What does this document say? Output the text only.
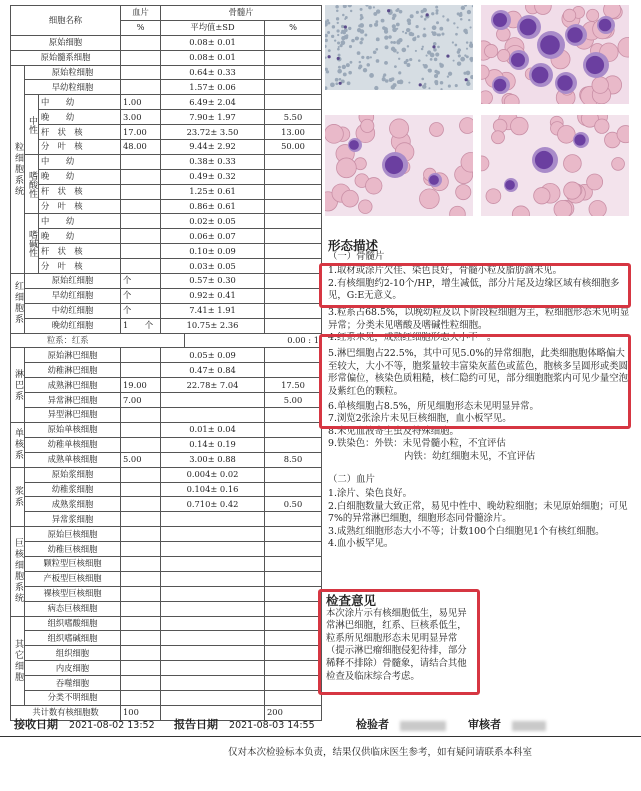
细胞名称			血片	骨髓片		
			%	平均值±SD		%
原始细胞				0.08± 0.01		
原始髓系细胞				0.08± 0.01		
粒细胞系统	原始粒细胞			0.64± 0.33		
	早幼粒细胞			1.57± 0.06		
	中性	中　　幼	1.00	6.49± 2.04		
		晚　　幼	3.00	7.90± 1.97		5.50
		杆　状　核	17.00	23.72± 3.50		13.00
		分　叶　核	48.00	9.44± 2.92		50.00
	嗜酸性	中　　幼		0.38± 0.33		
		晚　　幼		0.49± 0.32		
		杆　状　核		1.25± 0.61		
		分　叶　核		0.86± 0.61		
	嗜碱性	中　　幼		0.02± 0.05		
		晚　　幼		0.06± 0.07		
		杆　状　核		0.10± 0.09		
		分　叶　核		0.03± 0.05		
红细胞系	原始红细胞		个	0.57± 0.30		
	早幼红细胞		个	0.92± 0.41		
	中幼红细胞		个	7.41± 1.91		
	晚幼红细胞		1　　个	10.75± 2.36		
粒系：红系					0.00 : 1	
淋巴系	原始淋巴细胞			0.05± 0.09		
	幼稚淋巴细胞			0.47± 0.84		
	成熟淋巴细胞		19.00	22.78± 7.04		17.50
	异常淋巴细胞		7.00			5.00
	异型淋巴细胞					
单核系	原始单核细胞			0.01± 0.04		
	幼稚单核细胞			0.14± 0.19		
	成熟单核细胞		5.00	3.00± 0.88		8.50
浆系	原始浆细胞			0.004± 0.02		
	幼稚浆细胞			0.104± 0.16		
	成熟浆细胞			0.710± 0.42		0.50
	异常浆细胞					
巨核细胞系统	原始巨核细胞					
	幼稚巨核细胞					
	颗粒型巨核细胞					
	产板型巨核细胞					
	裸核型巨核细胞					
	病态巨核细胞					
其它细胞	组织嗜酸细胞					
	组织嗜碱细胞					
	组织细胞					
	内皮细胞					
	吞噬细胞					
	分类不明细胞					
共计数有核细胞数			100			200
形态描述
（一）骨髓片
1.取材或涂片欠佳、染色良好，骨髓小粒及脂肪滴未见。
2.有核细胞约2-10个/HP，增生减低，部分片尾及边缘区域有核细胞多见，G:E无意义。
3.粒系占68.5%，以晚幼粒及以下阶段粒细胞为主，粒细胞形态未见明显异常；分类未见嗜酸及嗜碱性粒细胞。
4.红系未见，成熟红细胞形态大小不一。
5.淋巴细胞占22.5%，其中可见5.0%的异常细胞，此类细胞胞体略偏大至较大，大小不等，胞浆量较丰富染灰蓝色或蓝色，胞核多呈圆形或类圆形常偏位，核染色质粗糙，核仁隐约可见，部分细胞胞浆内可见少量空泡及紫红色的颗粒。
6.单核细胞占8.5%，所见细胞形态未见明显异常。
7.浏览2张涂片未见巨核细胞，血小板罕见。
8.未见血液寄生虫及特殊细胞。
9.铁染色：外铁：未见骨髓小粒，不宜评估
内铁：幼红细胞未见，不宜评估
（二）血片
1.涂片、染色良好。
2.白细胞数量大致正常，易见中性中、晚幼粒细胞；未见原始细胞；可见7%的异常淋巴细胞，细胞形态同骨髓涂片。
3.成熟红细胞形态大小不等；计数100个白细胞见1个有核红细胞。
4.血小板罕见。
检查意见
本次涂片示有核细胞低生，易见异常淋巴细胞，红系、巨核系低生，粒系所见细胞形态未见明显异常（提示淋巴瘤细胞侵犯待排，部分稀释不排除）骨髓象，请结合其他检查及临床综合考虑。
接收日期 2021-08-02 13:52 报告日期 2021-08-03 14:55	检验者	审核者
仅对本次检验标本负责，结果仅供临床医生参考，如有疑问请联系本科室
